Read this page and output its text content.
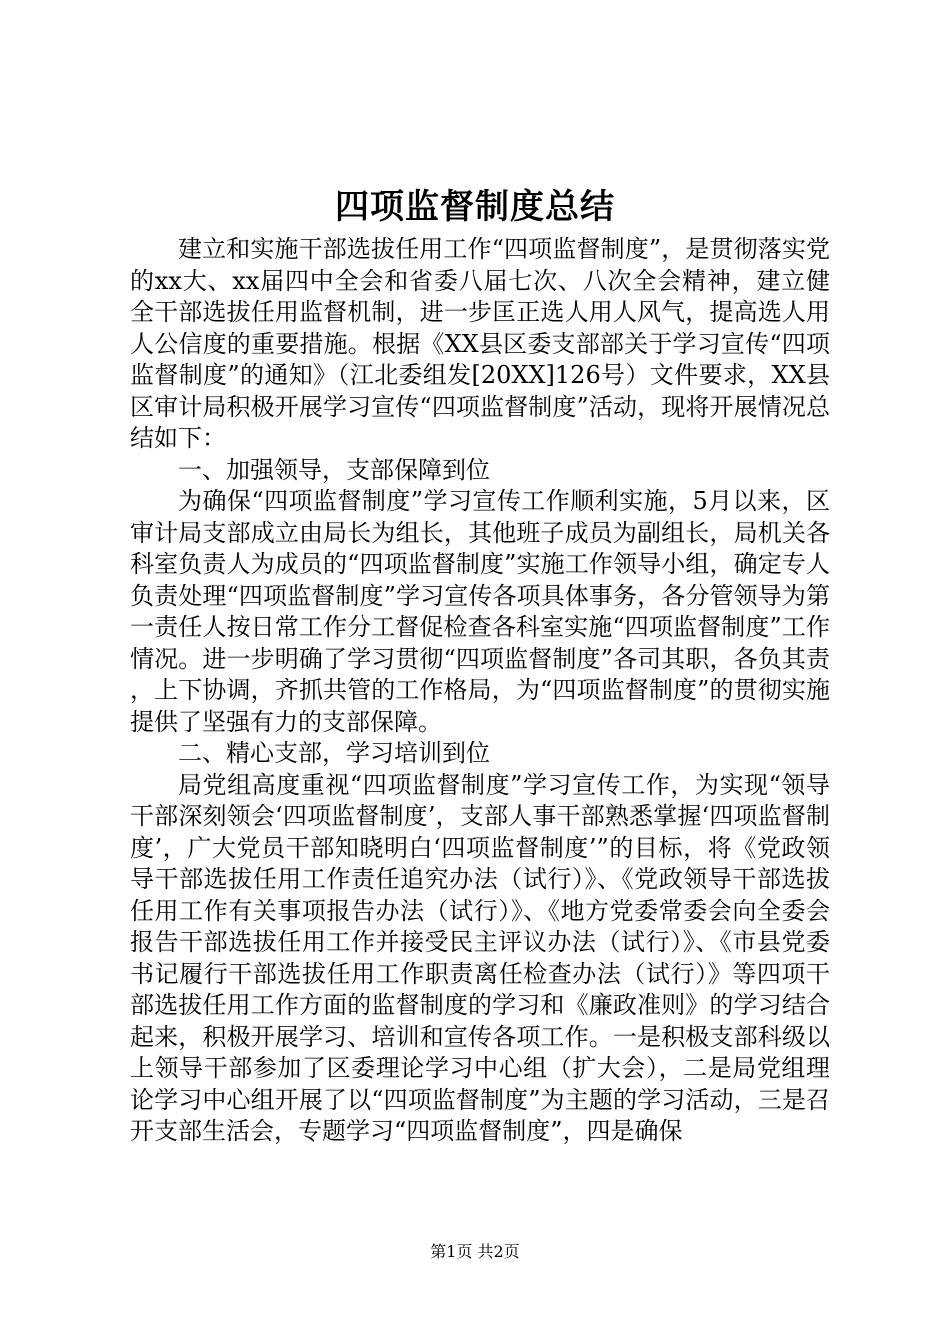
四项监督制度总结

建立和实施干部选拔任用工作“四项监督制度”，是贯彻落实党的xx大、xx届四中全会和省委八届七次、八次全会精神，建立健全干部选拔任用监督机制，进一步匡正选人用人风气，提高选人用人公信度的重要措施。根据《XX县区委支部部关于学习宣传“四项监督制度”的通知》（江北委组发[20XX]126号）文件要求，XX县区审计局积极开展学习宣传“四项监督制度”活动，现将开展情况总结如下：

一、加强领导，支部保障到位

为确保“四项监督制度”学习宣传工作顺利实施，5月以来，区审计局支部成立由局长为组长，其他班子成员为副组长，局机关各科室负责人为成员的“四项监督制度”实施工作领导小组，确定专人负责处理“四项监督制度”学习宣传各项具体事务，各分管领导为第一责任人按日常工作分工督促检查各科室实施“四项监督制度”工作情况。进一步明确了学习贯彻“四项监督制度”各司其职，各负其责，上下协调，齐抓共管的工作格局，为“四项监督制度”的贯彻实施提供了坚强有力的支部保障。

二、精心支部，学习培训到位

局党组高度重视“四项监督制度”学习宣传工作，为实现“领导干部深刻领会‘四项监督制度’，支部人事干部熟悉掌握‘四项监督制度’，广大党员干部知晓明白‘四项监督制度’”的目标，将《党政领导干部选拔任用工作责任追究办法（试行）》、《党政领导干部选拔任用工作有关事项报告办法（试行）》、《地方党委常委会向全委会报告干部选拔任用工作并接受民主评议办法（试行）》、《市县党委书记履行干部选拔任用工作职责离任检查办法（试行）》等四项干部选拔任用工作方面的监督制度的学习和《廉政准则》的学习结合起来，积极开展学习、培训和宣传各项工作。一是积极支部科级以上领导干部参加了区委理论学习中心组（扩大会），二是局党组理论学习中心组开展了以“四项监督制度”为主题的学习活动，三是召开支部生活会，专题学习“四项监督制度”，四是确保

第1页 共2页
